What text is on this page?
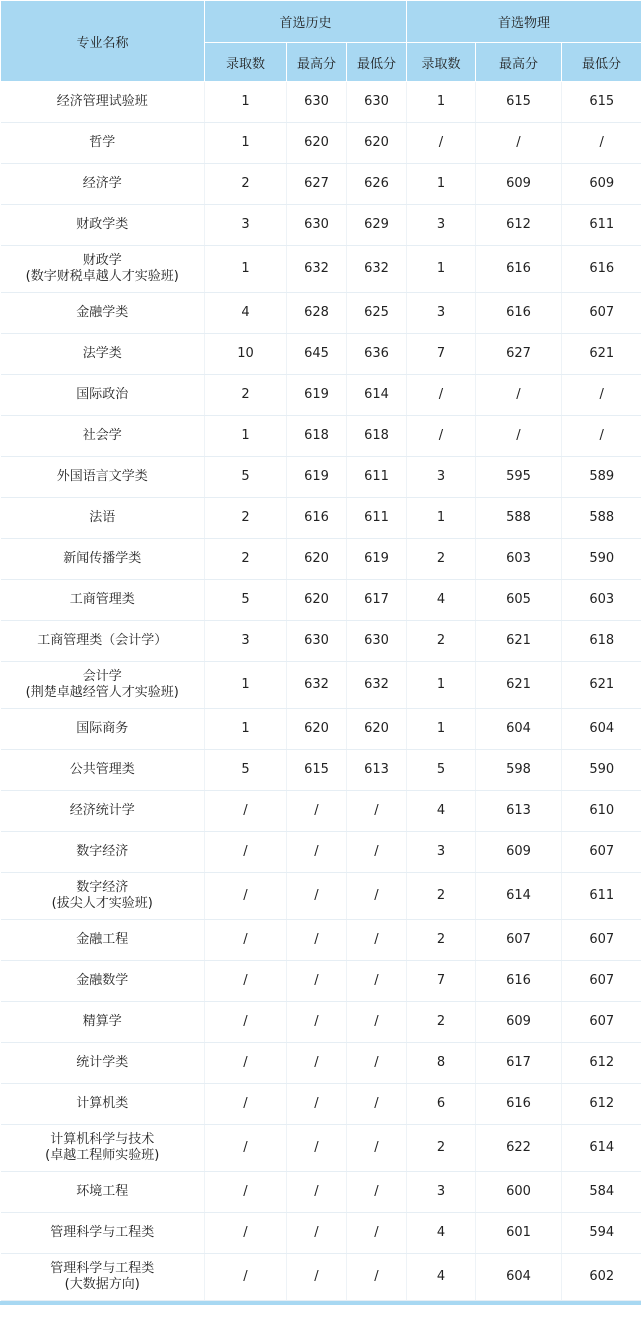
专业名称	首选历史			首选物理		
	录取数	最高分	最低分	录取数	最高分	最低分

经济管理试验班	1	630	630	1	615	615

哲学	1	620	620	/	/	/

经济学	2	627	626	1	609	609

财政学类	3	630	629	3	612	611

财政学
(数字财税卓越人才实验班)	1	632	632	1	616	616

金融学类	4	628	625	3	616	607

法学类	10	645	636	7	627	621

国际政治	2	619	614	/	/	/

社会学	1	618	618	/	/	/

外国语言文学类	5	619	611	3	595	589

法语	2	616	611	1	588	588

新闻传播学类	2	620	619	2	603	590

工商管理类	5	620	617	4	605	603

工商管理类（会计学）	3	630	630	2	621	618

会计学
(荆楚卓越经管人才实验班)	1	632	632	1	621	621

国际商务	1	620	620	1	604	604

公共管理类	5	615	613	5	598	590

经济统计学	/	/	/	4	613	610

数字经济	/	/	/	3	609	607

数字经济
(拔尖人才实验班)	/	/	/	2	614	611

金融工程	/	/	/	2	607	607

金融数学	/	/	/	7	616	607

精算学	/	/	/	2	609	607

统计学类	/	/	/	8	617	612

计算机类	/	/	/	6	616	612

计算机科学与技术
(卓越工程师实验班)	/	/	/	2	622	614

环境工程	/	/	/	3	600	584

管理科学与工程类	/	/	/	4	601	594

管理科学与工程类
(大数据方向)	/	/	/	4	604	602
